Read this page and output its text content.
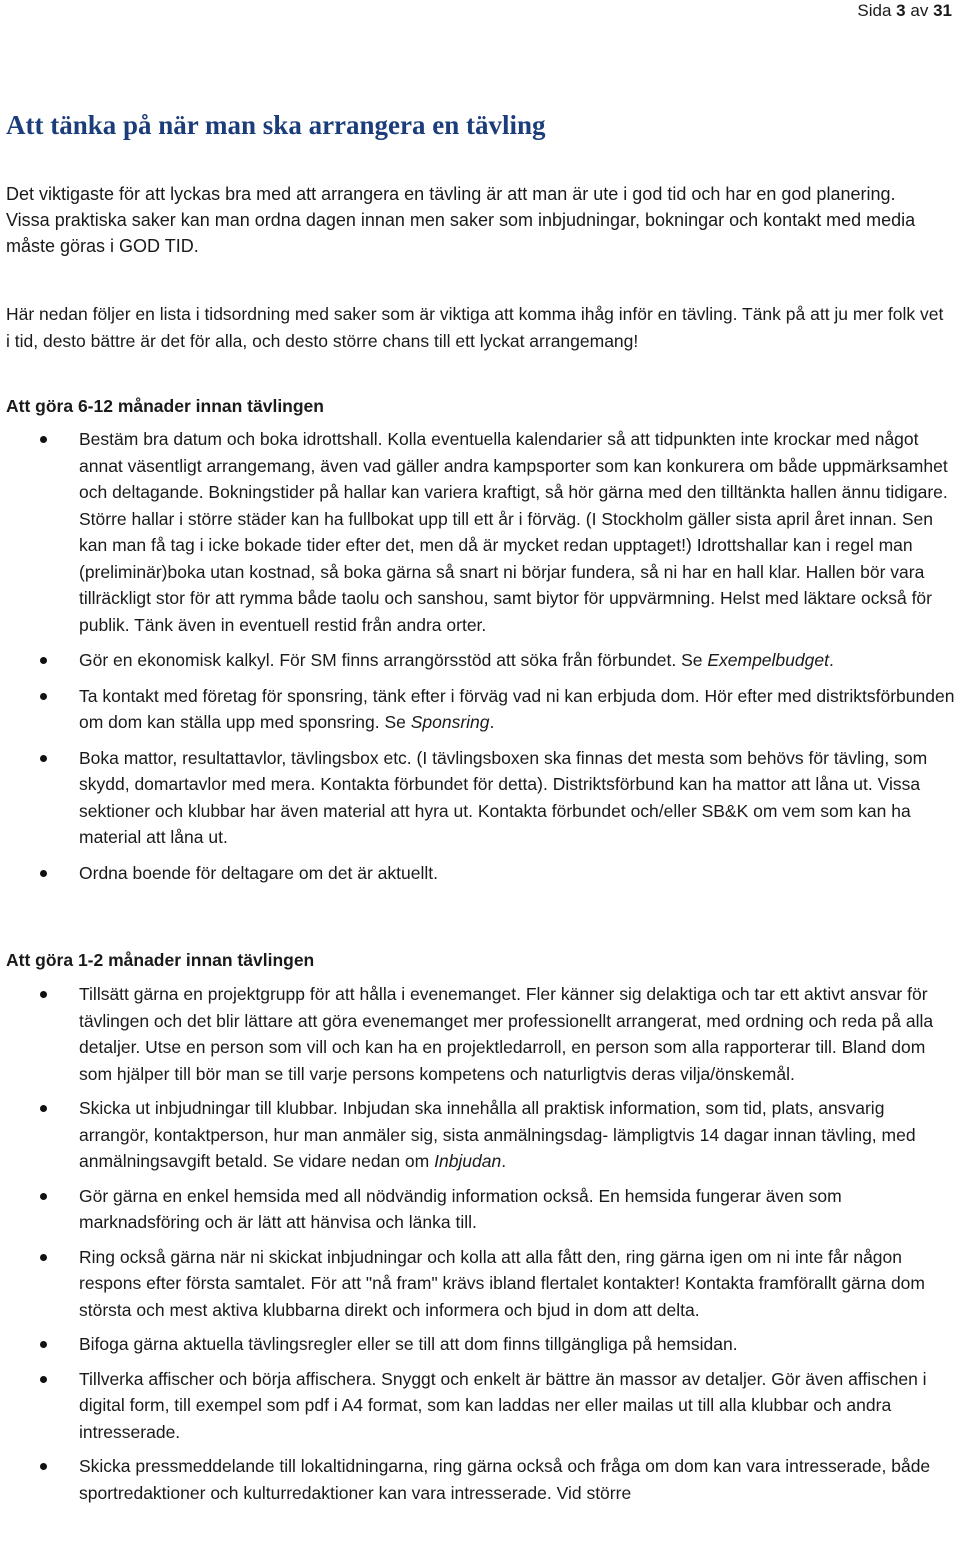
Sida 3 av 31
Att tänka på när man ska arrangera en tävling

Det viktigaste för att lyckas bra med att arrangera en tävling är att man är ute i god tid och har en god planering. Vissa praktiska saker kan man ordna dagen innan men saker som inbjudningar, bokningar och kontakt med media måste göras i GOD TID.

Här nedan följer en lista i tidsordning med saker som är viktiga att komma ihåg inför en tävling. Tänk på att ju mer folk vet i tid, desto bättre är det för alla, och desto större chans till ett lyckat arrangemang!

Att göra 6-12 månader innan tävlingen
Bestäm bra datum och boka idrottshall. Kolla eventuella kalendarier så att tidpunkten inte krockar med något annat väsentligt arrangemang, även vad gäller andra kampsporter som kan konkurera om både uppmärksamhet och deltagande. Bokningstider på hallar kan variera kraftigt, så hör gärna med den tilltänkta hallen ännu tidigare. Större hallar i större städer kan ha fullbokat upp till ett år i förväg. (I Stockholm gäller sista april året innan. Sen kan man få tag i icke bokade tider efter det, men då är mycket redan upptaget!) Idrottshallar kan i regel man (preliminär)boka utan kostnad, så boka gärna så snart ni börjar fundera, så ni har en hall klar. Hallen bör vara tillräckligt stor för att rymma både taolu och sanshou, samt biytor för uppvärmning. Helst med läktare också för publik. Tänk även in eventuell restid från andra orter.
Gör en ekonomisk kalkyl. För SM finns arrangörsstöd att söka från förbundet. Se Exempelbudget.
Ta kontakt med företag för sponsring, tänk efter i förväg vad ni kan erbjuda dom. Hör efter med distriktsförbunden om dom kan ställa upp med sponsring. Se Sponsring.
Boka mattor, resultattavlor, tävlingsbox etc. (I tävlingsboxen ska finnas det mesta som behövs för tävling, som skydd, domartavlor med mera. Kontakta förbundet för detta). Distriktsförbund kan ha mattor att låna ut. Vissa sektioner och klubbar har även material att hyra ut. Kontakta förbundet och/eller SB&K om vem som kan ha material att låna ut.
Ordna boende för deltagare om det är aktuellt.
Att göra 1-2 månader innan tävlingen
Tillsätt gärna en projektgrupp för att hålla i evenemanget. Fler känner sig delaktiga och tar ett aktivt ansvar för tävlingen och det blir lättare att göra evenemanget mer professionellt arrangerat, med ordning och reda på alla detaljer. Utse en person som vill och kan ha en projektledarroll, en person som alla rapporterar till. Bland dom som hjälper till bör man se till varje persons kompetens och naturligtvis deras vilja/önskemål.
Skicka ut inbjudningar till klubbar. Inbjudan ska innehålla all praktisk information, som tid, plats, ansvarig arrangör, kontaktperson, hur man anmäler sig, sista anmälningsdag- lämpligtvis 14 dagar innan tävling, med anmälningsavgift betald. Se vidare nedan om Inbjudan.
Gör gärna en enkel hemsida med all nödvändig information också. En hemsida fungerar även som marknadsföring och är lätt att hänvisa och länka till.
Ring också gärna när ni skickat inbjudningar och kolla att alla fått den, ring gärna igen om ni inte får någon respons efter första samtalet. För att "nå fram" krävs ibland flertalet kontakter! Kontakta framförallt gärna dom största och mest aktiva klubbarna direkt och informera och bjud in dom att delta.
Bifoga gärna aktuella tävlingsregler eller se till att dom finns tillgängliga på hemsidan.
Tillverka affischer och börja affischera. Snyggt och enkelt är bättre än massor av detaljer. Gör även affischen i digital form, till exempel som pdf i A4 format, som kan laddas ner eller mailas ut till alla klubbar och andra intresserade.
Skicka pressmeddelande till lokaltidningarna, ring gärna också och fråga om dom kan vara intresserade, både sportredaktioner och kulturredaktioner kan vara intresserade. Vid större
